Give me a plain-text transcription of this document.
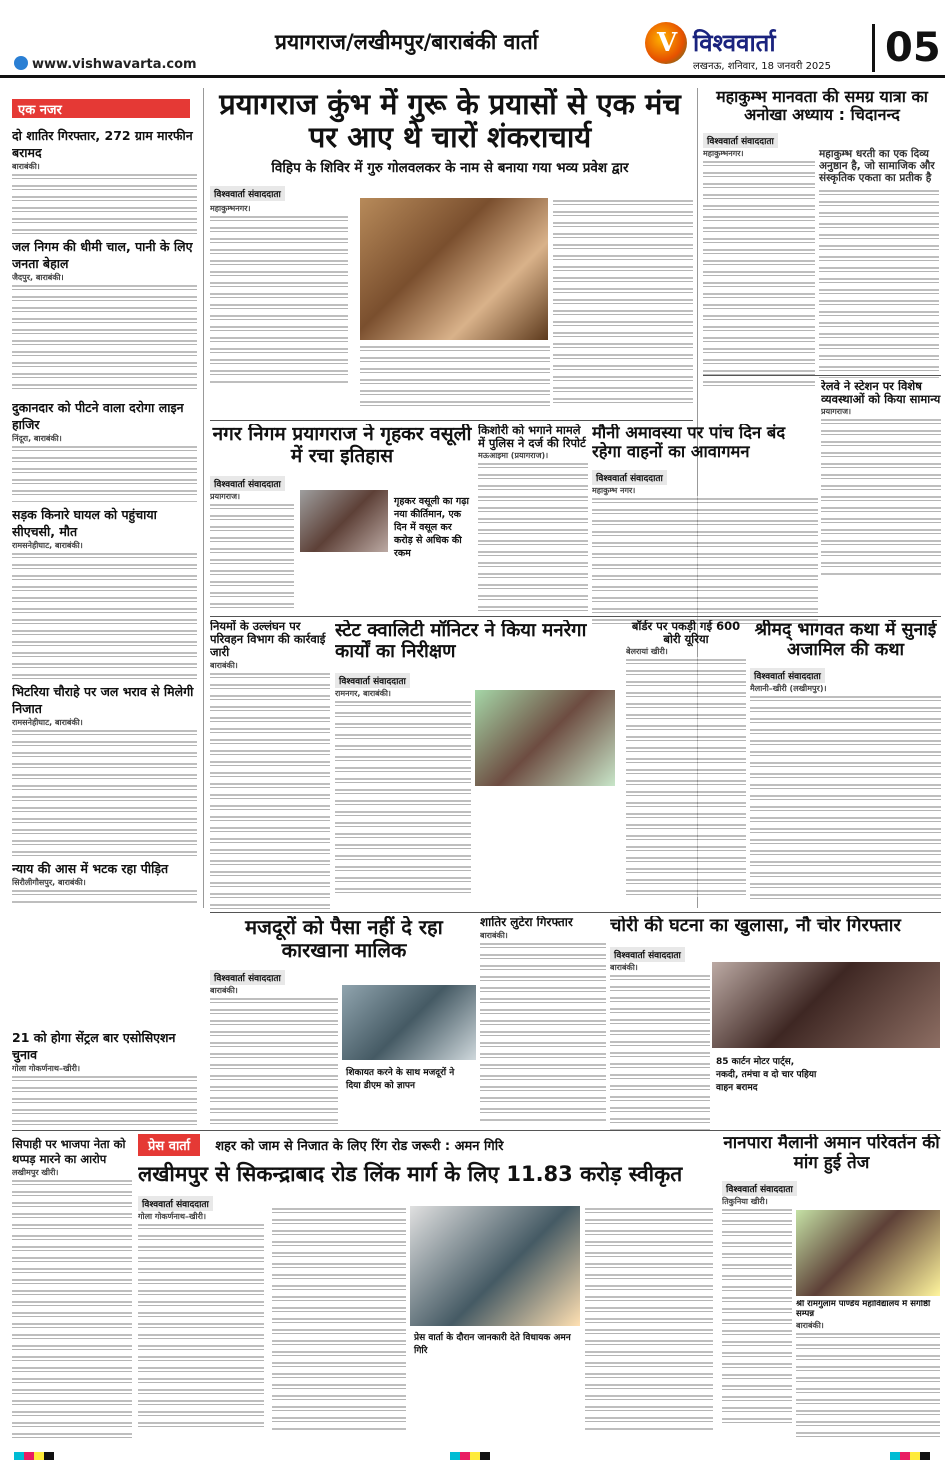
www.vishwavarta.com
प्रयागराज/लखीमपुर/बाराबंकी वार्ता	V विश्ववार्ता
लखनऊ, शनिवार, 18 जनवरी 2025	05
एक नजर
दो शातिर गिरफ्तार, 272 ग्राम मारफीन बरामद
बाराबंकी।
जल निगम की धीमी चाल, पानी के लिए जनता बेहाल
जैदपुर, बाराबंकी।
दुकानदार को पीटने वाला दरोगा लाइन हाजिर
निंदूरा, बाराबंकी।
सड़क किनारे घायल को पहुंचाया सीएचसी, मौत
रामसनेहीघाट, बाराबंकी।
भिटरिया चौराहे पर जल भराव से मिलेगी निजात
रामसनेहीघाट, बाराबंकी।
न्याय की आस में भटक रहा पीड़ित
सिरौलीगौसपुर, बाराबंकी।
21 को होगा सेंट्रल बार एसोसिएशन चुनाव
गोला गोकर्णनाथ–खीरी।
सिपाही पर भाजपा नेता को थप्पड़ मारने का आरोप
लखीमपुर खीरी।
प्रयागराज कुंभ में गुरू के प्रयासों से एक मंच पर आए थे चारों शंकराचार्य
विहिप के शिविर में गुरु गोलवलकर के नाम से बनाया गया भव्य प्रवेश द्वार
विश्ववार्ता संवाददाता
महाकुम्भनगर।
महाकुम्भ मानवता की समग्र यात्रा का अनोखा अध्याय : चिदानन्द
विश्ववार्ता संवाददाता
महाकुम्भनगर।	महाकुम्भ धरती का एक दिव्य अनुष्ठान है, जो सामाजिक और संस्कृतिक एकता का प्रतीक है
रेलवे ने स्टेशन पर विशेष व्यवस्थाओं को किया सामान्य
प्रयागराज।
नगर निगम प्रयागराज ने गृहकर वसूली में रचा इतिहास
विश्ववार्ता संवाददाता
प्रयागराज।	गृहकर वसूली का गढ़ा नया कीर्तिमान, एक दिन में वसूल कर करोड़ से अधिक की रकम
किशोरी को भगाने मामले में पुलिस ने दर्ज की रिपोर्ट
मऊआइमा (प्रयागराज)।
मौनी अमावस्या पर पांच दिन बंद रहेगा वाहनों का आवागमन
विश्ववार्ता संवाददाता
महाकुम्भ नगर।
नियमों के उल्लंघन पर परिवहन विभाग की कार्रवाई जारी
बाराबंकी।
स्टेट क्वालिटी मॉनिटर ने किया मनरेगा कार्यों का निरीक्षण
विश्ववार्ता संवाददाता
रामनगर, बाराबंकी।
बॉर्डर पर पकड़ी गई 600 बोरी यूरिया
बेलरायां खीरी।
श्रीमद् भागवत कथा में सुनाई अजामिल की कथा
विश्ववार्ता संवाददाता
मैलानी–खीरी (लखीमपुर)।
मजदूरों को पैसा नहीं दे रहा कारखाना मालिक
विश्ववार्ता संवाददाता
बाराबंकी।
शिकायत करने के साथ मजदूरों ने दिया डीएम को ज्ञापन
शातिर लुटेरा गिरफ्तार
बाराबंकी।	चोरी की घटना का खुलासा, नौ चोर गिरफ्तार
विश्ववार्ता संवाददाता
बाराबंकी।
85 कार्टन मोटर पार्ट्स, नकदी, तमंचा व दो चार पहिया वाहन बरामद
प्रेस वार्ता शहर को जाम से निजात के लिए रिंग रोड जरूरी : अमन गिरि
लखीमपुर से सिकन्द्राबाद रोड लिंक मार्ग के लिए 11.83 करोड़ स्वीकृत
विश्ववार्ता संवाददाता
गोला गोकर्णनाथ–खीरी।
प्रेस वार्ता के दौरान जानकारी देते विधायक अमन गिरि
नानपारा मैलानी अमान परिवर्तन की मांग हुई तेज
विश्ववार्ता संवाददाता
तिकुनिया खीरी।
श्री रामगुलाम पाण्डेय महाविद्यालय में संगोष्ठी सम्पन्न
बाराबंकी।
